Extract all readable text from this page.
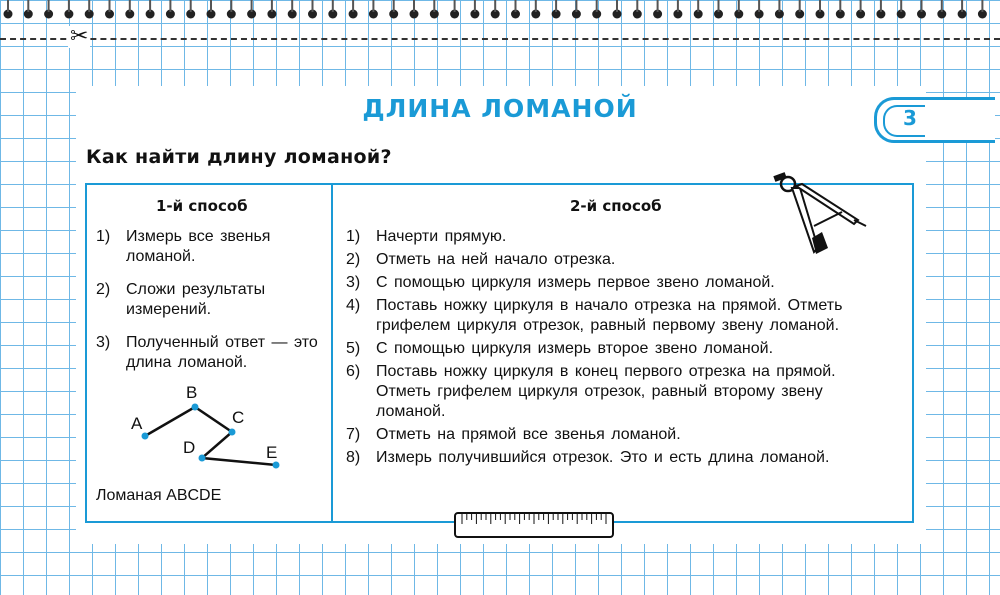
✂
ДЛИНА ЛОМАНОЙ	3
Как найти длину ломаной?
1-й способ	2-й способ
1) Измерь все звенья ломаной.
2) Сложи результаты измерений.
3) Полученный ответ — это длина ломаной.
A
B
C
D	E
Ломаная ABCDE
1) Начерти прямую.
2) Отметь на ней начало отрезка.
3) С помощью циркуля измерь первое звено ломаной.
4) Поставь ножку циркуля в начало отрезка на прямой. Отметь грифелем циркуля отрезок, равный первому звену ломаной.
5) С помощью циркуля измерь второе звено ломаной.
6) Поставь ножку циркуля в конец первого отрезка на прямой. Отметь грифелем циркуля отрезок, равный второму звену ломаной.
7) Отметь на прямой все звенья ломаной.
8) Измерь получившийся отрезок. Это и есть длина ломаной.
